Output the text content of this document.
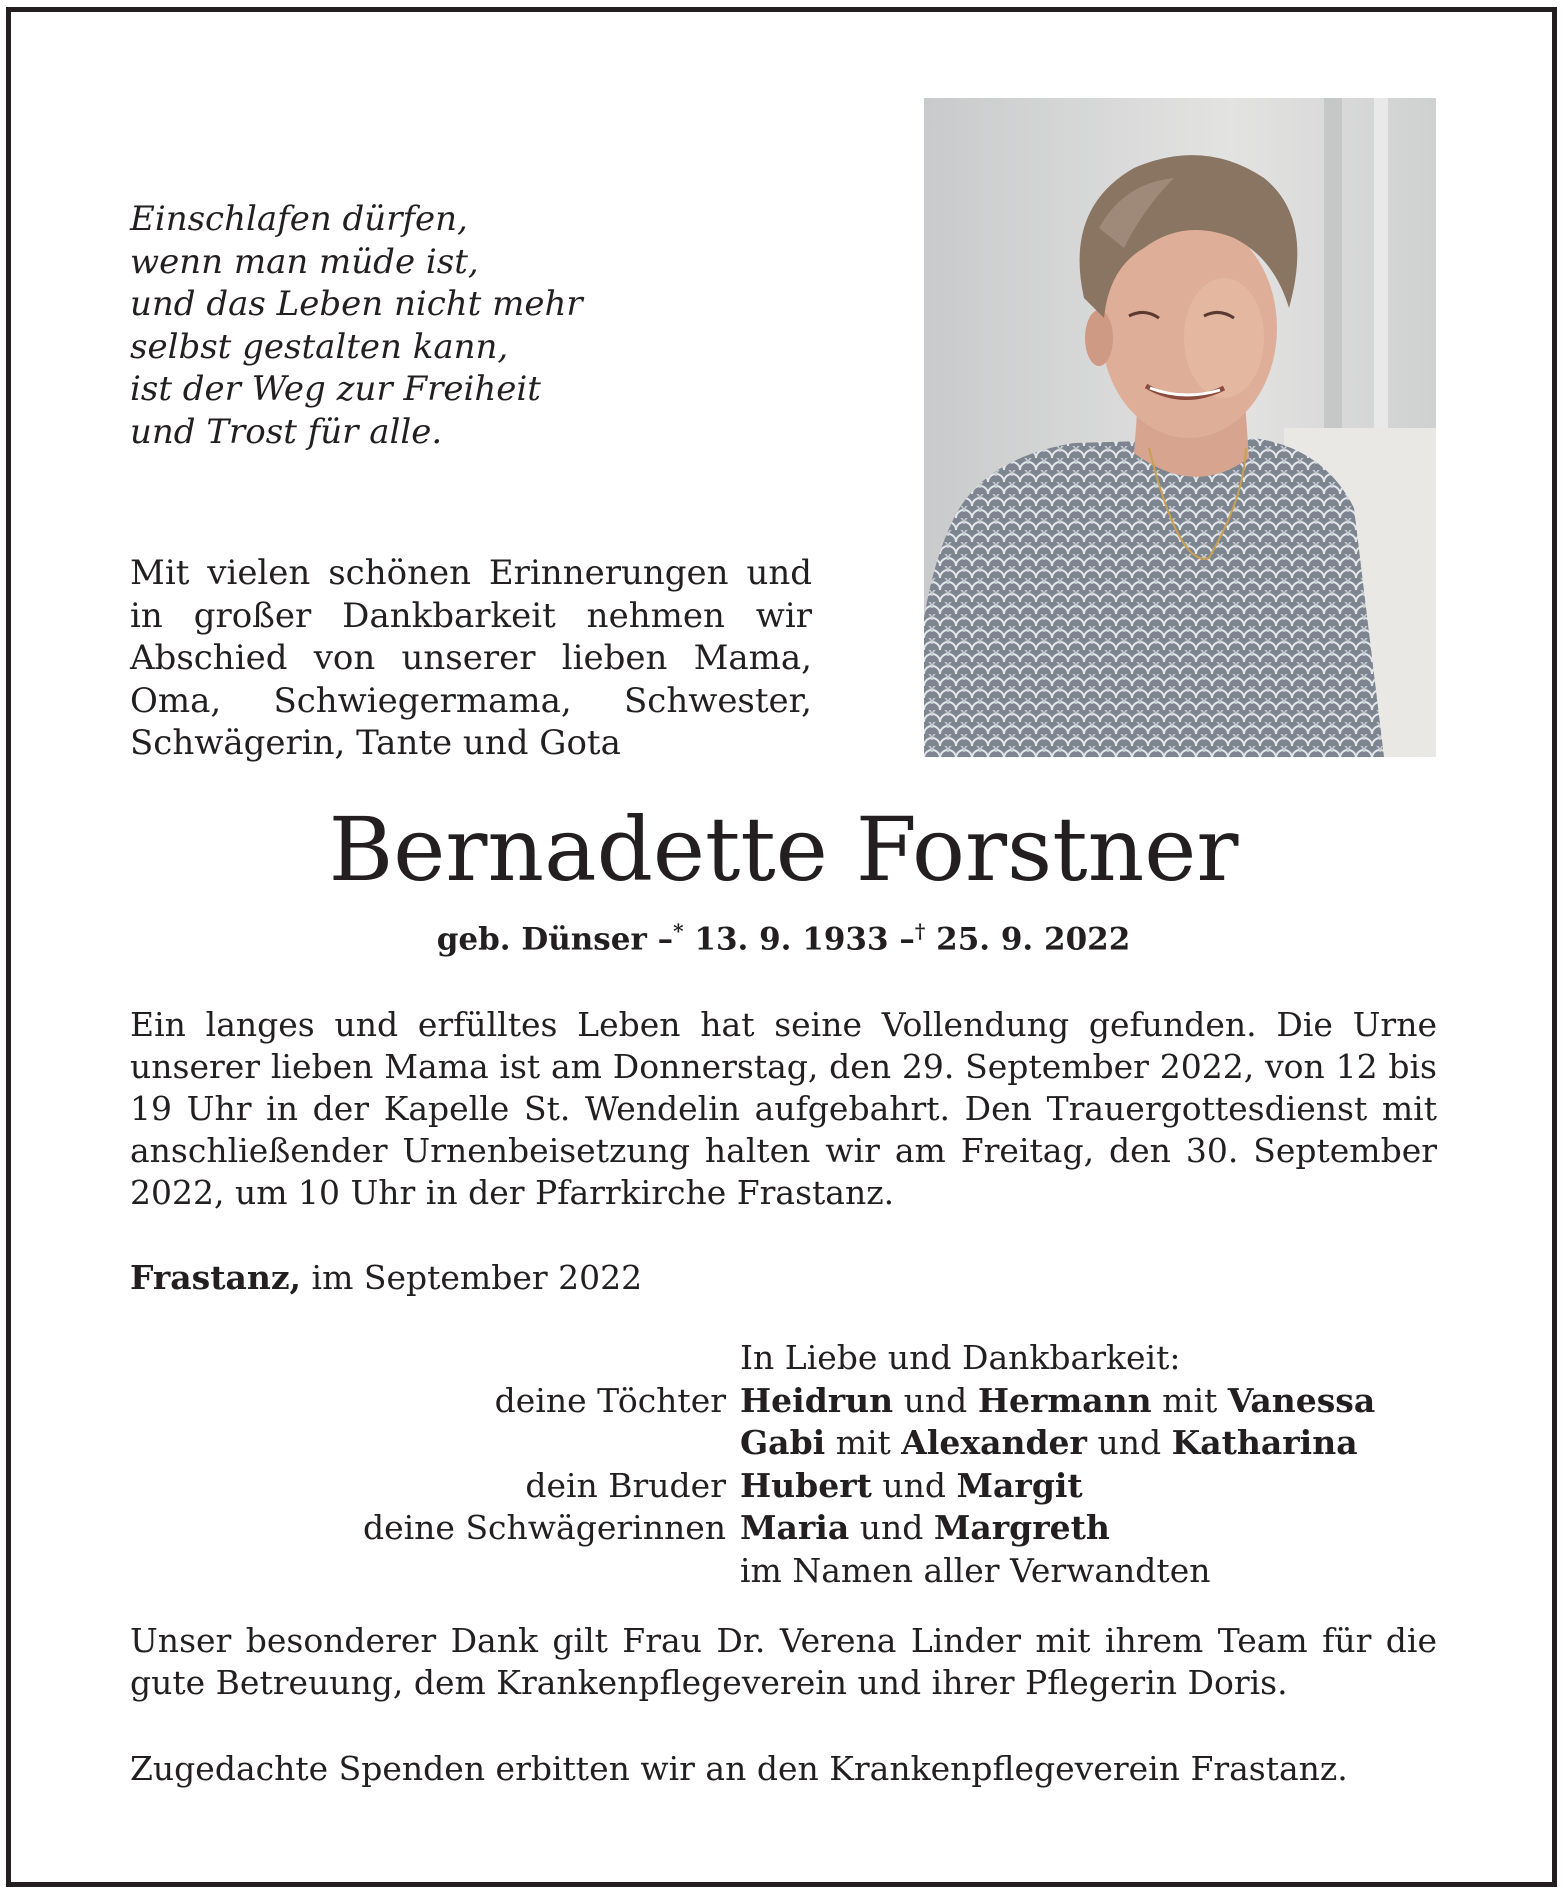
Einschlafen dürfen,
wenn man müde ist,
und das Leben nicht mehr
selbst gestalten kann,
ist der Weg zur Freiheit
und Trost für alle.
Mit vielen schönen Erinnerungen und in großer Dankbarkeit nehmen wir Abschied von unserer lieben Mama, Oma, Schwiegermama, Schwester, Schwägerin, Tante und Gota
Bernadette Forstner
geb. Dünser –* 13. 9. 1933 –† 25. 9. 2022
Ein langes und erfülltes Leben hat seine Vollendung gefunden. Die Urne unserer lieben Mama ist am Donnerstag, den 29. September 2022, von 12 bis 19 Uhr in der Kapelle St. Wendelin aufgebahrt. Den Trauergottesdienst mit anschließender Urnenbeisetzung halten wir am Freitag, den 30. September 2022, um 10 Uhr in der Pfarrkirche Frastanz.
Frastanz, im September 2022
In Liebe und Dankbarkeit:
deine Töchter Heidrun und Hermann mit Vanessa
Gabi mit Alexander und Katharina
dein Bruder Hubert und Margit
deine Schwägerinnen Maria und Margreth
im Namen aller Verwandten
Unser besonderer Dank gilt Frau Dr. Verena Linder mit ihrem Team für die gute Betreuung, dem Krankenpflegeverein und ihrer Pflegerin Doris.
Zugedachte Spenden erbitten wir an den Krankenpflegeverein Frastanz.
